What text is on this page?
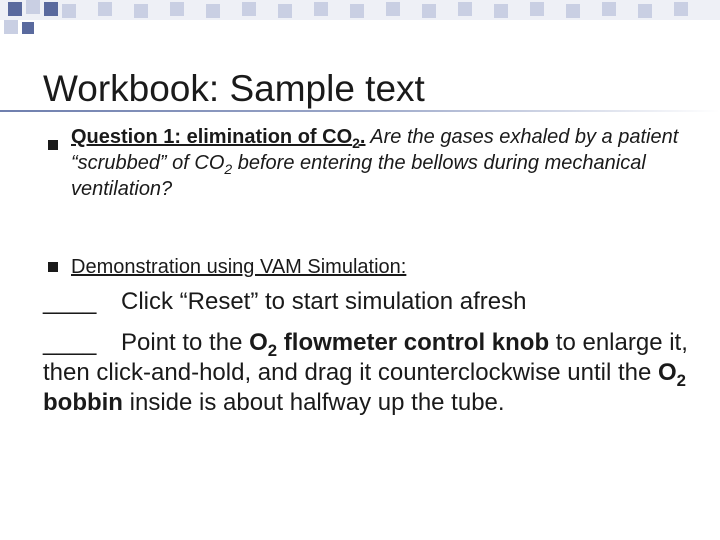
Workbook: Sample text

Question 1: elimination of $CO_2$. Are the gases exhaled by a patient “scrubbed” of $CO_2$ before entering the bellows during mechanical ventilation?

Demonstration using VAM Simulation:

____ Click “Reset” to start simulation afresh

____ Point to the $O_2$ flowmeter control knob to enlarge it, then click-and-hold, and drag it counterclockwise until the $O_2$ bobbin inside is about halfway up the tube.
